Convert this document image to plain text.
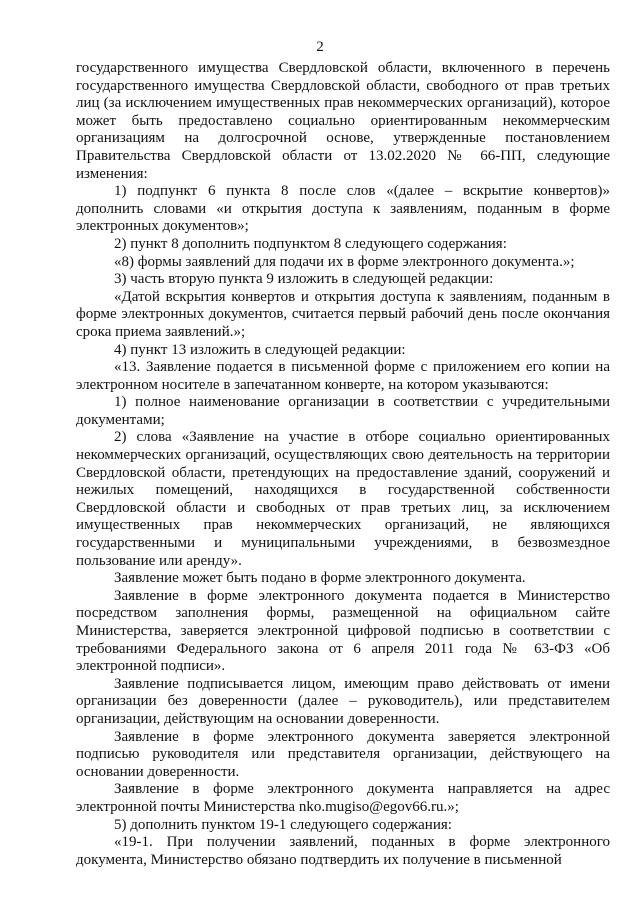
2

государственного имущества Свердловской области, включенного в перечень государственного имущества Свердловской области, свободного от прав третьих лиц (за исключением имущественных прав некоммерческих организаций), которое может быть предоставлено социально ориентированным некоммерческим организациям на долгосрочной основе, утвержденные постановлением Правительства Свердловской области от 13.02.2020 № 66-ПП, следующие изменения:

1) подпункт 6 пункта 8 после слов «(далее – вскрытие конвертов)» дополнить словами «и открытия доступа к заявлениям, поданным в форме электронных документов»;

2) пункт 8 дополнить подпунктом 8 следующего содержания:

«8) формы заявлений для подачи их в форме электронного документа.»;

3) часть вторую пункта 9 изложить в следующей редакции:

«Датой вскрытия конвертов и открытия доступа к заявлениям, поданным в форме электронных документов, считается первый рабочий день после окончания срока приема заявлений.»;

4) пункт 13 изложить в следующей редакции:

«13. Заявление подается в письменной форме с приложением его копии на электронном носителе в запечатанном конверте, на котором указываются:

1) полное наименование организации в соответствии с учредительными документами;

2) слова «Заявление на участие в отборе социально ориентированных некоммерческих организаций, осуществляющих свою деятельность на территории Свердловской области, претендующих на предоставление зданий, сооружений и нежилых помещений, находящихся в государственной собственности Свердловской области и свободных от прав третьих лиц, за исключением имущественных прав некоммерческих организаций, не являющихся государственными и муниципальными учреждениями, в безвозмездное пользование или аренду».

Заявление может быть подано в форме электронного документа.

Заявление в форме электронного документа подается в Министерство посредством заполнения формы, размещенной на официальном сайте Министерства, заверяется электронной цифровой подписью в соответствии с требованиями Федерального закона от 6 апреля 2011 года № 63-ФЗ «Об электронной подписи».

Заявление подписывается лицом, имеющим право действовать от имени организации без доверенности (далее – руководитель), или представителем организации, действующим на основании доверенности.

Заявление в форме электронного документа заверяется электронной подписью руководителя или представителя организации, действующего на основании доверенности.

Заявление в форме электронного документа направляется на адрес электронной почты Министерства nko.mugiso@egov66.ru.»;

5) дополнить пунктом 19-1 следующего содержания:

«19-1. При получении заявлений, поданных в форме электронного документа, Министерство обязано подтвердить их получение в письменной
